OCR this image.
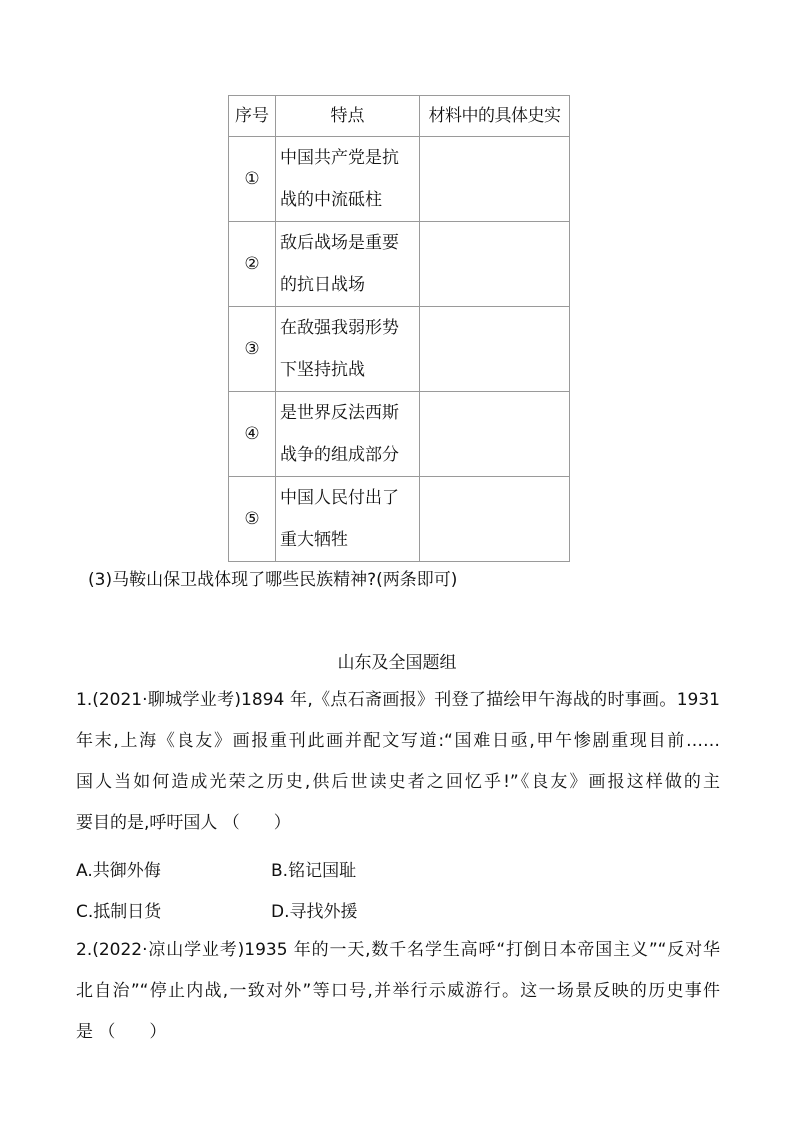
序号	特点	材料中的具体史实
①	中国共产党是抗
战的中流砥柱	

②	敌后战场是重要
的抗日战场	

③	在敌强我弱形势
下坚持抗战	

④	是世界反法西斯
战争的组成部分	

⑤	中国人民付出了
重大牺牲	

(3)马鞍山保卫战体现了哪些民族精神?(两条即可)
山东及全国题组

1.(2021·聊城学业考)1894 年,《点石斋画报》刊登了描绘甲午海战的时事画。1931

年末,上海《良友》画报重刊此画并配文写道:“国难日亟,甲午惨剧重现目前……

国人当如何造成光荣之历史,供后世读史者之回忆乎!”《良友》画报这样做的主

要目的是,呼吁国人 （　　）

A.共御外侮	B.铭记国耻
C.抵制日货	D.寻找外援

2.(2022·凉山学业考)1935 年的一天,数千名学生高呼“打倒日本帝国主义”“反对华

北自治”“停止内战,一致对外”等口号,并举行示威游行。这一场景反映的历史事件

是 （　　）
